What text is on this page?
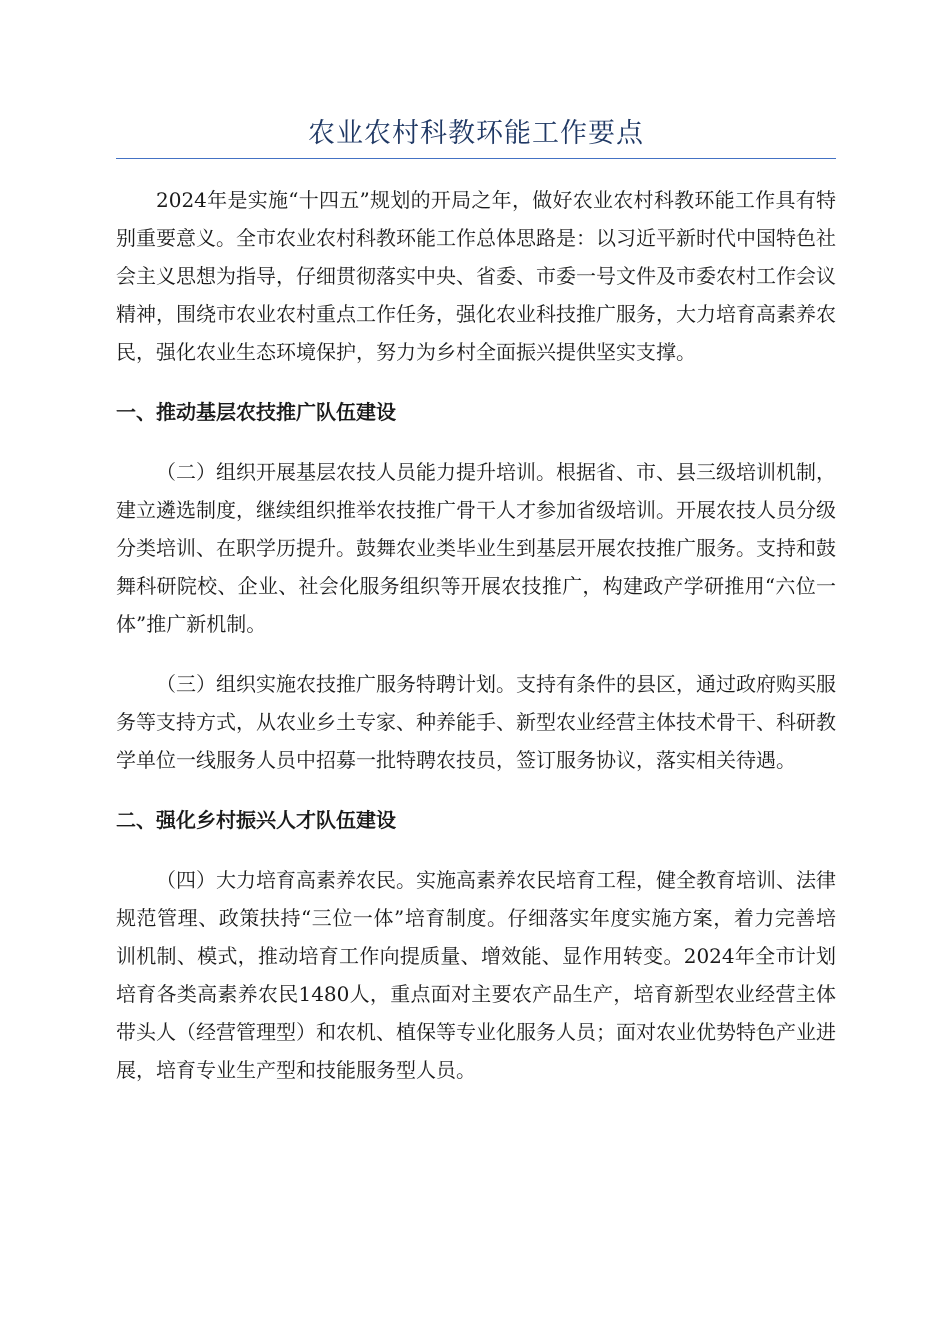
农业农村科教环能工作要点

2024年是实施“十四五”规划的开局之年，做好农业农村科教环能工作具有特别重要意义。全市农业农村科教环能工作总体思路是：以习近平新时代中国特色社会主义思想为指导，仔细贯彻落实中央、省委、市委一号文件及市委农村工作会议精神，围绕市农业农村重点工作任务，强化农业科技推广服务，大力培育高素养农民，强化农业生态环境保护，努力为乡村全面振兴提供坚实支撑。

一、推动基层农技推广队伍建设

（二）组织开展基层农技人员能力提升培训。根据省、市、县三级培训机制，建立遴选制度，继续组织推举农技推广骨干人才参加省级培训。开展农技人员分级分类培训、在职学历提升。鼓舞农业类毕业生到基层开展农技推广服务。支持和鼓舞科研院校、企业、社会化服务组织等开展农技推广，构建政产学研推用“六位一体”推广新机制。

（三）组织实施农技推广服务特聘计划。支持有条件的县区，通过政府购买服务等支持方式，从农业乡土专家、种养能手、新型农业经营主体技术骨干、科研教学单位一线服务人员中招募一批特聘农技员，签订服务协议，落实相关待遇。

二、强化乡村振兴人才队伍建设

（四）大力培育高素养农民。实施高素养农民培育工程，健全教育培训、法律规范管理、政策扶持“三位一体”培育制度。仔细落实年度实施方案，着力完善培训机制、模式，推动培育工作向提质量、增效能、显作用转变。2024年全市计划培育各类高素养农民1480人，重点面对主要农产品生产，培育新型农业经营主体带头人（经营管理型）和农机、植保等专业化服务人员；面对农业优势特色产业进展，培育专业生产型和技能服务型人员。
